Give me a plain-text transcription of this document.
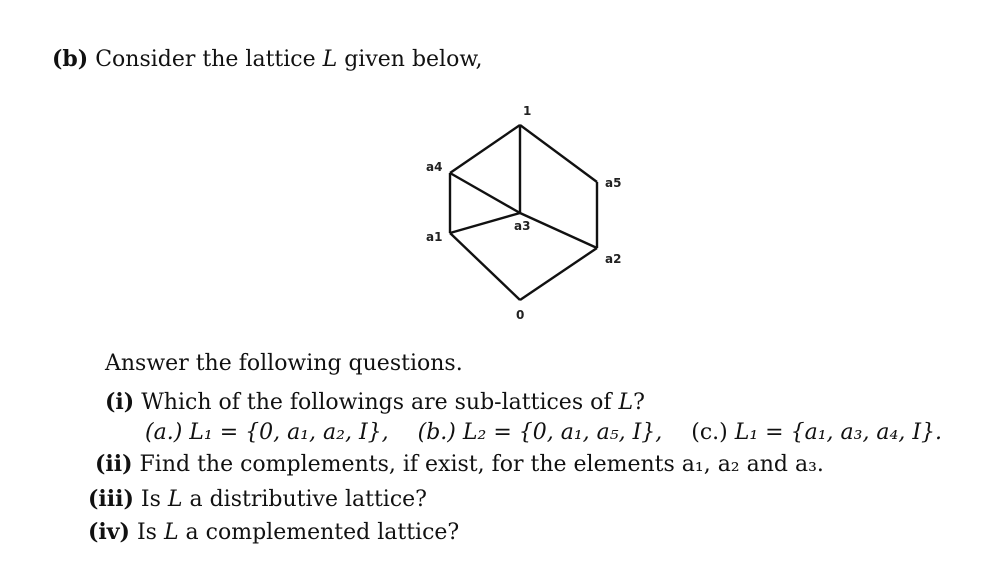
(b) Consider the lattice L given below,
1
a4
a5
a3
a1
a2
0
Answer the following questions.
(i) Which of the followings are sub-lattices of L?
(a.) L₁ = {0, a₁, a₂, I}, (b.) L₂ = {0, a₁, a₅, I}, (c.) L₁ = {a₁, a₃, a₄, I}.
(ii) Find the complements, if exist, for the elements a₁, a₂ and a₃.
(iii) Is L a distributive lattice?
(iv) Is L a complemented lattice?
